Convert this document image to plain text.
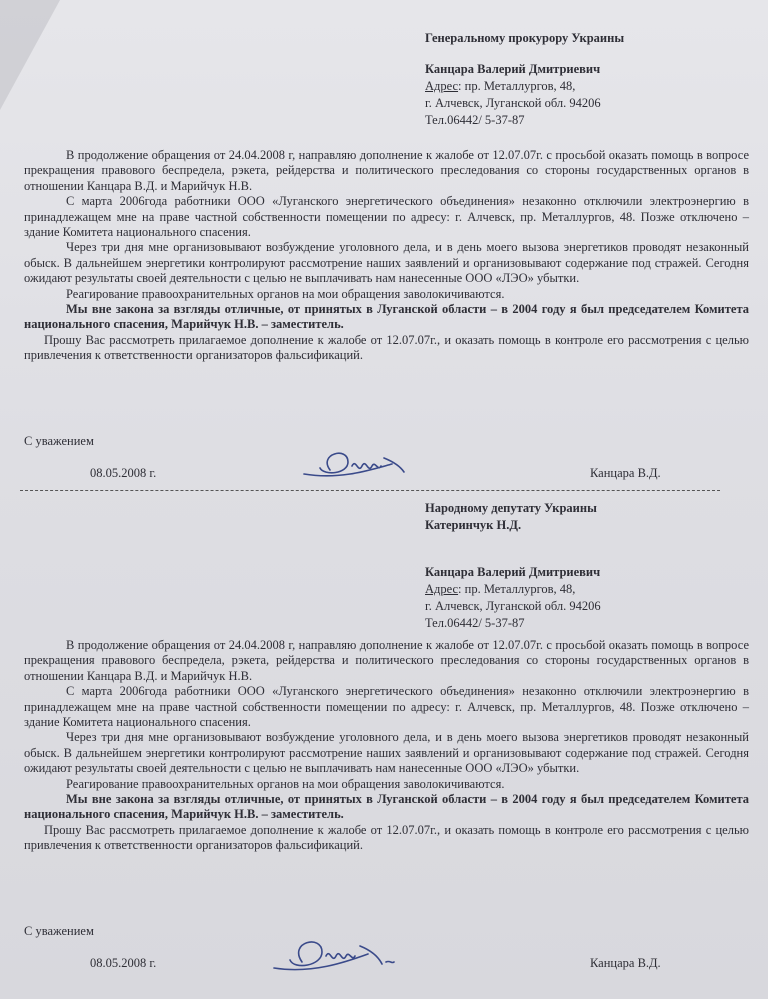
Генеральному прокурору Украины
Канцара Валерий Дмитриевич
Адрес: пр. Металлургов, 48,
г. Алчевск, Луганской обл. 94206
Тел.06442/ 5-37-87

В продолжение обращения от 24.04.2008 г, направляю дополнение к жалобе от 12.07.07г. с просьбой оказать помощь в вопросе прекращения правового беспредела, рэкета, рейдерства и политического преследования со стороны государственных органов в отношении Канцара В.Д. и Марийчук Н.В.

С марта 2006года работники ООО «Луганского энергетического объединения» незаконно отключили электроэнергию в принадлежащем мне на праве частной собственности помещении по адресу: г. Алчевск, пр. Металлургов, 48. Позже отключено – здание Комитета национального спасения.

Через три дня мне организовывают возбуждение уголовного дела, и в день моего вызова энергетиков проводят незаконный обыск. В дальнейшем энергетики контролируют рассмотрение наших заявлений и организовывают содержание под стражей. Сегодня ожидают результаты своей деятельности с целью не выплачивать нам нанесенные ООО «ЛЭО» убытки.

Реагирование правоохранительных органов на мои обращения заволокичиваются.

Мы вне закона за взгляды отличные, от принятых в Луганской области – в 2004 году я был председателем Комитета национального спасения, Марийчук Н.В. – заместитель.

Прошу Вас рассмотреть прилагаемое дополнение к жалобе от 12.07.07г., и оказать помощь в контроле его рассмотрения с целью привлечения к ответственности организаторов фальсификаций.

С уважением
08.05.2008 г.	Канцара В.Д.
Народному депутату Украины
Катеринчук Н.Д.
Канцара Валерий Дмитриевич
Адрес: пр. Металлургов, 48,
г. Алчевск, Луганской обл. 94206
Тел.06442/ 5-37-87

В продолжение обращения от 24.04.2008 г, направляю дополнение к жалобе от 12.07.07г. с просьбой оказать помощь в вопросе прекращения правового беспредела, рэкета, рейдерства и политического преследования со стороны государственных органов в отношении Канцара В.Д. и Марийчук Н.В.

С марта 2006года работники ООО «Луганского энергетического объединения» незаконно отключили электроэнергию в принадлежащем мне на праве частной собственности помещении по адресу: г. Алчевск, пр. Металлургов, 48. Позже отключено – здание Комитета национального спасения.

Через три дня мне организовывают возбуждение уголовного дела, и в день моего вызова энергетиков проводят незаконный обыск. В дальнейшем энергетики контролируют рассмотрение наших заявлений и организовывают содержание под стражей. Сегодня ожидают результаты своей деятельности с целью не выплачивать нам нанесенные ООО «ЛЭО» убытки.

Реагирование правоохранительных органов на мои обращения заволокичиваются.

Мы вне закона за взгляды отличные, от принятых в Луганской области – в 2004 году я был председателем Комитета национального спасения, Марийчук Н.В. – заместитель.

Прошу Вас рассмотреть прилагаемое дополнение к жалобе от 12.07.07г., и оказать помощь в контроле его рассмотрения с целью привлечения к ответственности организаторов фальсификаций.

С уважением
08.05.2008 г.	Канцара В.Д.
